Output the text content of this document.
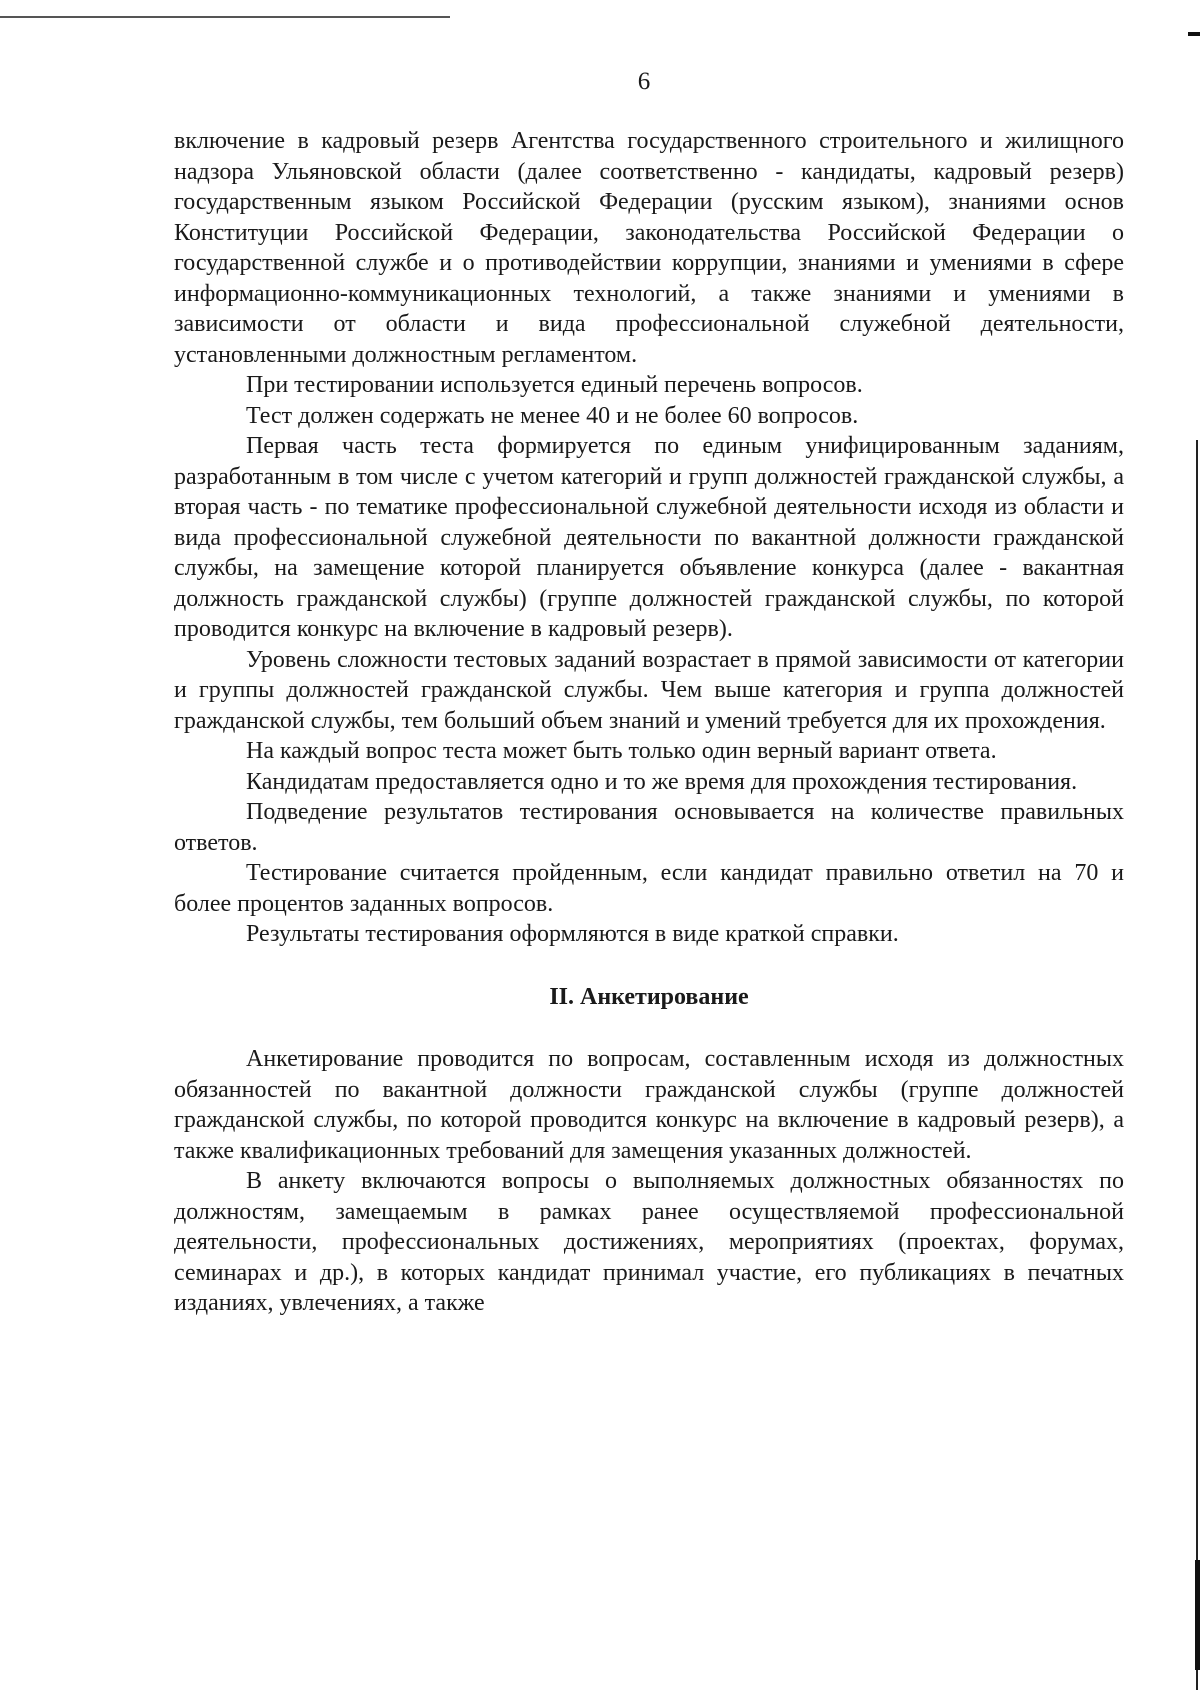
6

включение в кадровый резерв Агентства государственного строительного и жилищного надзора Ульяновской области (далее соответственно - кандидаты, кадровый резерв) государственным языком Российской Федерации (русским языком), знаниями основ Конституции Российской Федерации, законодательства Российской Федерации о государственной службе и о противодействии коррупции, знаниями и умениями в сфере информационно-коммуникационных технологий, а также знаниями и умениями в зависимости от области и вида профессиональной служебной деятельности, установленными должностным регламентом.

При тестировании используется единый перечень вопросов.

Тест должен содержать не менее 40 и не более 60 вопросов.

Первая часть теста формируется по единым унифицированным заданиям, разработанным в том числе с учетом категорий и групп должностей гражданской службы, а вторая часть - по тематике профессиональной служебной деятельности исходя из области и вида профессиональной служебной деятельности по вакантной должности гражданской службы, на замещение которой планируется объявление конкурса (далее - вакантная должность гражданской службы) (группе должностей гражданской службы, по которой проводится конкурс на включение в кадровый резерв).

Уровень сложности тестовых заданий возрастает в прямой зависимости от категории и группы должностей гражданской службы. Чем выше категория и группа должностей гражданской службы, тем больший объем знаний и умений требуется для их прохождения.

На каждый вопрос теста может быть только один верный вариант ответа.

Кандидатам предоставляется одно и то же время для прохождения тестирования.

Подведение результатов тестирования основывается на количестве правильных ответов.

Тестирование считается пройденным, если кандидат правильно ответил на 70 и более процентов заданных вопросов.

Результаты тестирования оформляются в виде краткой справки.

II. Анкетирование

Анкетирование проводится по вопросам, составленным исходя из должностных обязанностей по вакантной должности гражданской службы (группе должностей гражданской службы, по которой проводится конкурс на включение в кадровый резерв), а также квалификационных требований для замещения указанных должностей.

В анкету включаются вопросы о выполняемых должностных обязанностях по должностям, замещаемым в рамках ранее осуществляемой профессиональной деятельности, профессиональных достижениях, мероприятиях (проектах, форумах, семинарах и др.), в которых кандидат принимал участие, его публикациях в печатных изданиях, увлечениях, а также
